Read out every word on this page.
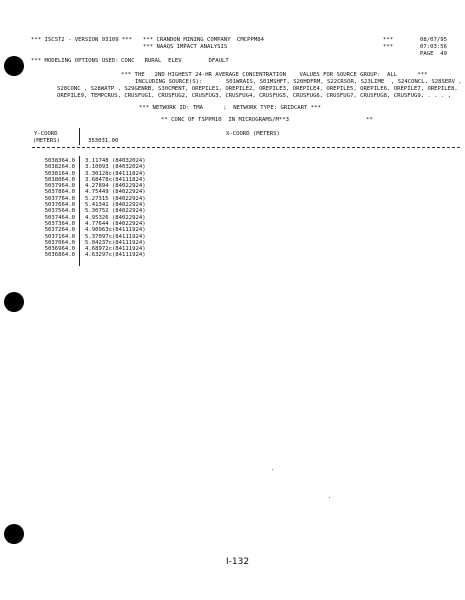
*** ISCST2 - VERSION 93109 *** *** CRANDON MINING COMPANY CMCPPM84	***	08/07/95
*** NAAQS IMPACT ANALYSIS	***	07:03:56
PAGE  49
*** MODELING OPTIONS USED: CONC   RURAL  ELEV        DFAULT
*** THE   2ND HIGHEST 24-HR AVERAGE CONCENTRATION    VALUES FOR SOURCE GROUP:  ALL      ***
INCLUDING SOURCE(S):       S01WRAIS, S01MSHFT, S20HDFRM, S22CRSOR, S23LIME  , S24CONCL, S28SERV ,
S28CONC , S28WATP , S29GENRB, S30CMENT, OREPILE1, OREPILE2, OREPILE3, OREPILE4, OREPILE5, OREPILE6, OREPILE7, OREPILE8,
OREPILE9, TEMPCRUS, CRUSFUG1, CRUSFUG2, CRUSFUG3, CRUSFUG4, CRUSFUG5, CRUSFUG6, CRUSFUG7, CRUSFUG8, CRUSFUG9, . . . ,
*** NETWORK ID: TMA      ;  NETWORK TYPE: GRIDCART ***
** CONC OF TSPPM10  IN MICROGRAMS/M**3	**
Y-COORD
(METERS)
X-COORD (METERS)
353031.00
5038364.0 3.11748 (84032024)
5038264.0 3.10093 (84032024)
5038164.0 3.30128c(84111824)
5038064.0 3.68478c(84111824)
5037964.0 4.27894 (84022924)
5037864.0 4.75449 (84022924)
5037764.0 5.27315 (84022924)
5037664.0 5.41341 (84022924)
5037564.0 5.30752 (84022924)
5037464.0 4.95326 (84022924)
5037364.0 4.77644 (84022924)
5037264.0 4.90963c(84111924)
5037164.0 5.37097c(84111924)
5037064.0 5.04237c(84111924)
5036964.0 4.68972c(84111924)
5036864.0 4.63297c(84111924)
I-132
